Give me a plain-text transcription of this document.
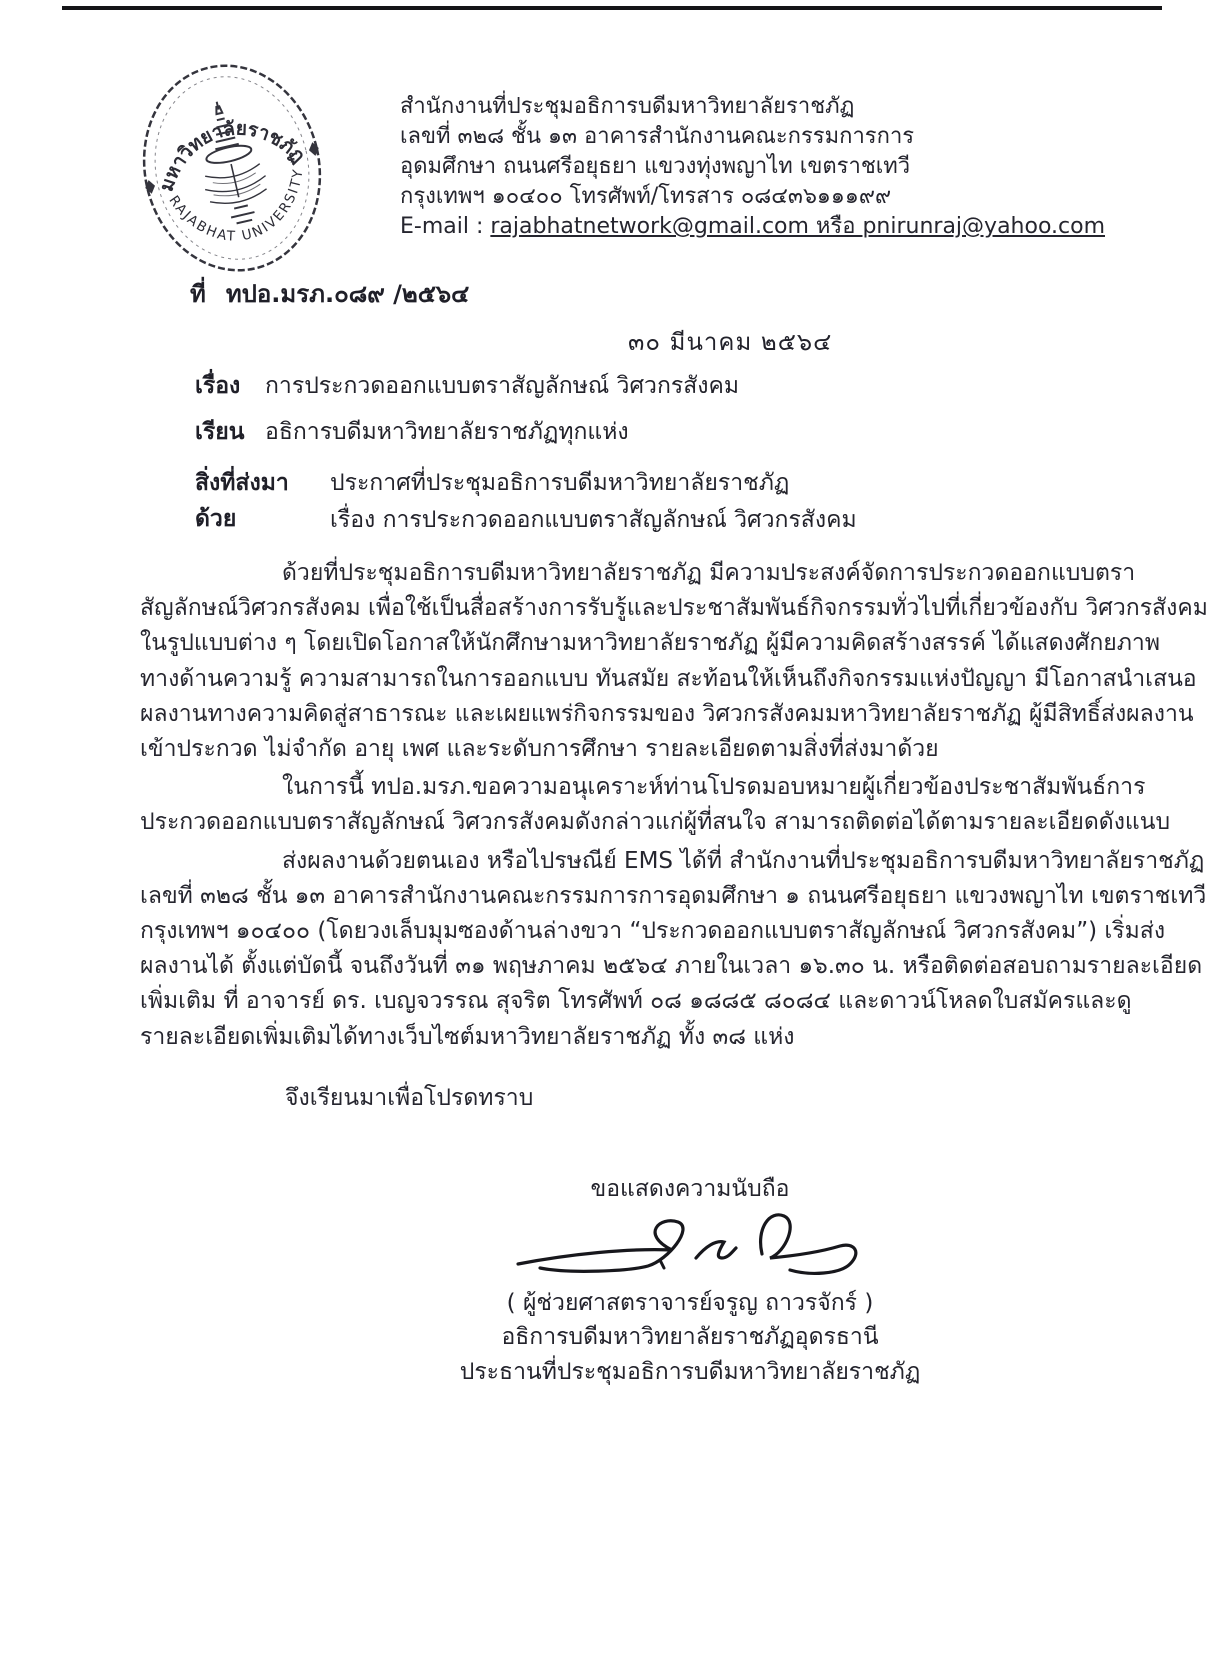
มหาวิทยาลัยราชภัฏ
RAJABHAT UNIVERSITY
สำนักงานที่ประชุมอธิการบดีมหาวิทยาลัยราชภัฏ
เลขที่ ๓๒๘ ชั้น ๑๓ อาคารสำนักงานคณะกรรมการการ
อุดมศึกษา ถนนศรีอยุธยา แขวงทุ่งพญาไท เขตราชเทวี
กรุงเทพฯ ๑๐๔๐๐ โทรศัพท์/โทรสาร ๐๘๔๓๖๑๑๑๙๙
E-mail : rajabhatnetwork@gmail.com หรือ pnirunraj@yahoo.com
ที่ ทปอ.มรภ.๐๘๙ /๒๕๖๔
๓๐ มีนาคม ๒๕๖๔
เรื่อง	การประกวดออกแบบตราสัญลักษณ์ วิศวกรสังคม
เรียน อธิการบดีมหาวิทยาลัยราชภัฏทุกแห่ง
สิ่งที่ส่งมาด้วย
ประกาศที่ประชุมอธิการบดีมหาวิทยาลัยราชภัฏ
เรื่อง การประกวดออกแบบตราสัญลักษณ์ วิศวกรสังคม
ด้วยที่ประชุมอธิการบดีมหาวิทยาลัยราชภัฏ มีความประสงค์จัดการประกวดออกแบบตรา
สัญลักษณ์วิศวกรสังคม เพื่อใช้เป็นสื่อสร้างการรับรู้และประชาสัมพันธ์กิจกรรมทั่วไปที่เกี่ยวข้องกับ วิศวกรสังคม
ในรูปแบบต่าง ๆ โดยเปิดโอกาสให้นักศึกษามหาวิทยาลัยราชภัฏ ผู้มีความคิดสร้างสรรค์ ได้แสดงศักยภาพ
ทางด้านความรู้ ความสามารถในการออกแบบ ทันสมัย สะท้อนให้เห็นถึงกิจกรรมแห่งปัญญา มีโอกาสนำเสนอ
ผลงานทางความคิดสู่สาธารณะ และเผยแพร่กิจกรรมของ วิศวกรสังคมมหาวิทยาลัยราชภัฏ ผู้มีสิทธิ์ส่งผลงาน
เข้าประกวด ไม่จำกัด อายุ เพศ และระดับการศึกษา รายละเอียดตามสิ่งที่ส่งมาด้วย
ในการนี้ ทปอ.มรภ.ขอความอนุเคราะห์ท่านโปรดมอบหมายผู้เกี่ยวข้องประชาสัมพันธ์การ
ประกวดออกแบบตราสัญลักษณ์ วิศวกรสังคมดังกล่าวแก่ผู้ที่สนใจ สามารถติดต่อได้ตามรายละเอียดดังแนบ
ส่งผลงานด้วยตนเอง หรือไปรษณีย์ EMS ได้ที่ สำนักงานที่ประชุมอธิการบดีมหาวิทยาลัยราชภัฏ
เลขที่ ๓๒๘ ชั้น ๑๓ อาคารสำนักงานคณะกรรมการการอุดมศึกษา ๑ ถนนศรีอยุธยา แขวงพญาไท เขตราชเทวี
กรุงเทพฯ ๑๐๔๐๐ (โดยวงเล็บมุมซองด้านล่างขวา “ประกวดออกแบบตราสัญลักษณ์ วิศวกรสังคม”) เริ่มส่ง
ผลงานได้ ตั้งแต่บัดนี้ จนถึงวันที่ ๓๑ พฤษภาคม ๒๕๖๔ ภายในเวลา ๑๖.๓๐ น. หรือติดต่อสอบถามรายละเอียด
เพิ่มเติม ที่ อาจารย์ ดร. เบญจวรรณ สุจริต โทรศัพท์ ๐๘ ๑๘๘๕ ๘๐๘๔ และดาวน์โหลดใบสมัครและดู
รายละเอียดเพิ่มเติมได้ทางเว็บไซต์มหาวิทยาลัยราชภัฏ ทั้ง ๓๘ แห่ง
จึงเรียนมาเพื่อโปรดทราบ
ขอแสดงความนับถือ
( ผู้ช่วยศาสตราจารย์จรูญ ถาวรจักร์ )
อธิการบดีมหาวิทยาลัยราชภัฏอุดรธานี
ประธานที่ประชุมอธิการบดีมหาวิทยาลัยราชภัฏ
